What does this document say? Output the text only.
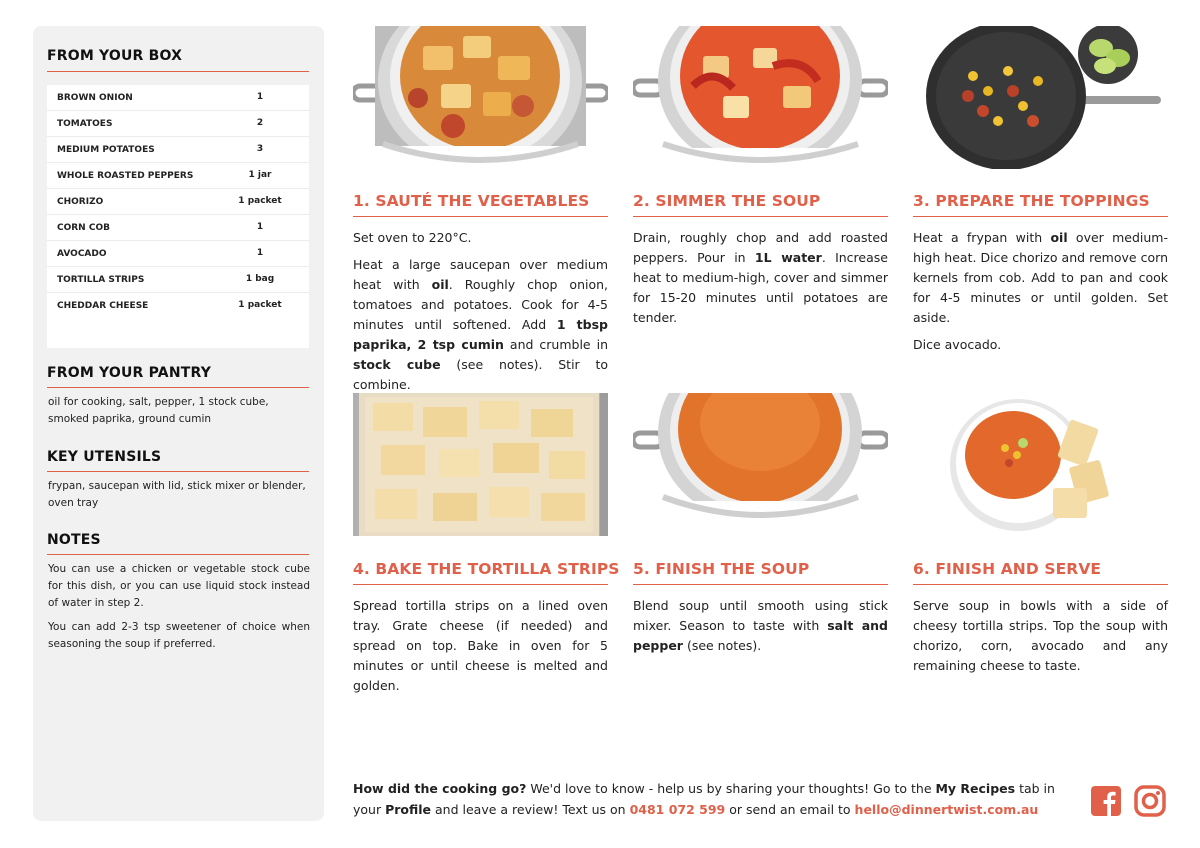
FROM YOUR BOX
BROWN ONION	1
TOMATOES	2
MEDIUM POTATOES	3
WHOLE ROASTED PEPPERS	1 jar
CHORIZO	1 packet
CORN COB	1
AVOCADO	1
TORTILLA STRIPS	1 bag
CHEDDAR CHEESE	1 packet
FROM YOUR PANTRY
oil for cooking, salt, pepper, 1 stock cube, smoked paprika, ground cumin
KEY UTENSILS
frypan, saucepan with lid, stick mixer or blender, oven tray
NOTES
You can use a chicken or vegetable stock cube for this dish, or you can use liquid stock instead of water in step 2.
You can add 2-3 tsp sweetener of choice when seasoning the soup if preferred.
1. SAUTÉ THE VEGETABLES

Set oven to 220°C.

Heat a large saucepan over medium heat with oil. Roughly chop onion, tomatoes and potatoes. Cook for 4-5 minutes until softened. Add 1 tbsp paprika, 2 tsp cumin and crumble in stock cube (see notes). Stir to combine.

2. SIMMER THE SOUP

Drain, roughly chop and add roasted peppers. Pour in 1L water. Increase heat to medium-high, cover and simmer for 15-20 minutes until potatoes are tender.

3. PREPARE THE TOPPINGS

Heat a frypan with oil over medium-high heat. Dice chorizo and remove corn kernels from cob. Add to pan and cook for 4-5 minutes or until golden. Set aside.

Dice avocado.

4. BAKE THE TORTILLA STRIPS

Spread tortilla strips on a lined oven tray. Grate cheese (if needed) and spread on top. Bake in oven for 5 minutes or until cheese is melted and golden.

5. FINISH THE SOUP

Blend soup until smooth using stick mixer. Season to taste with salt and pepper (see notes).

6. FINISH AND SERVE

Serve soup in bowls with a side of cheesy tortilla strips. Top the soup with chorizo, corn, avocado and any remaining cheese to taste.

How did the cooking go? We'd love to know - help us by sharing your thoughts! Go to the My Recipes tab in your Profile and leave a review! Text us on 0481 072 599 or send an email to hello@dinnertwist.com.au
